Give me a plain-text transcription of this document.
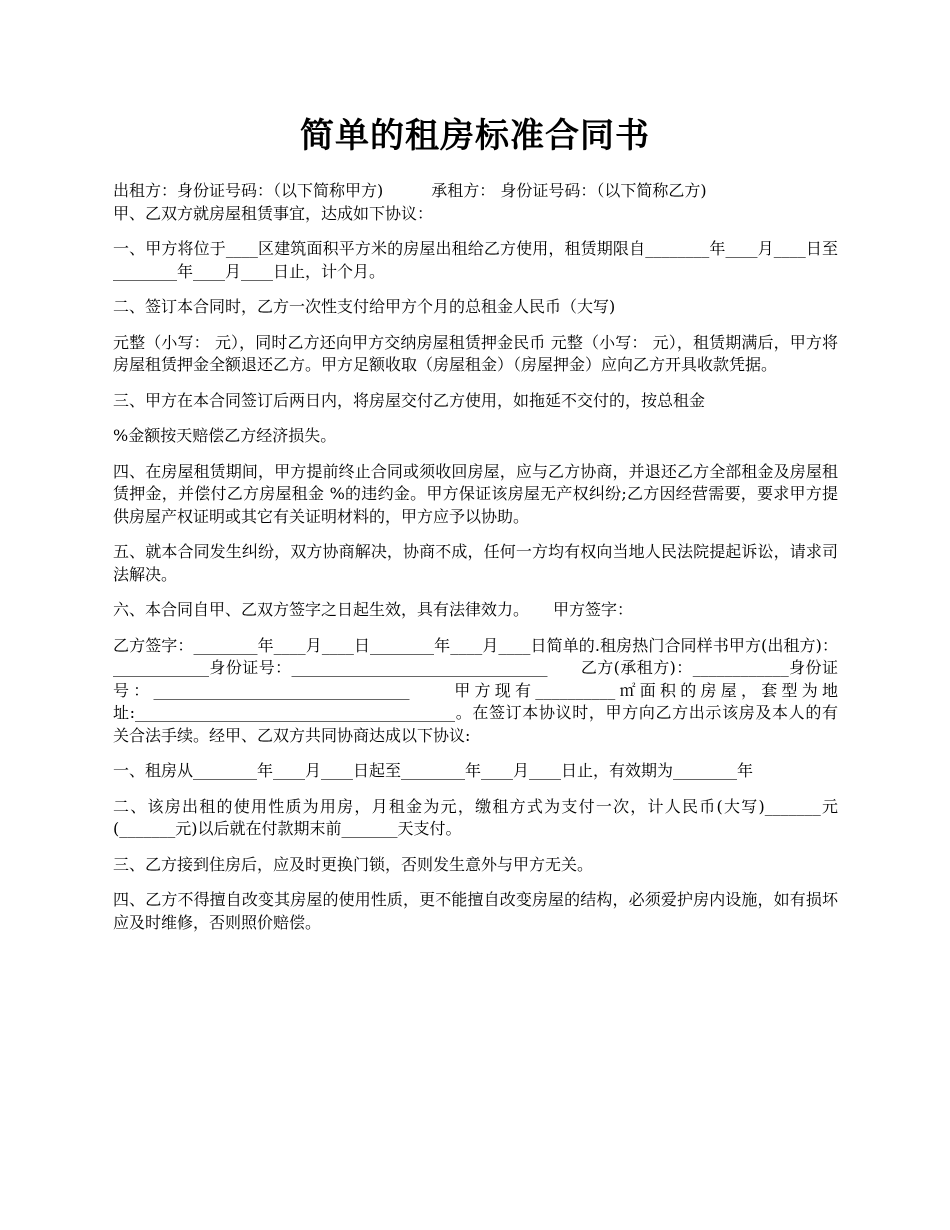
简单的租房标准合同书

出租方：身份证号码：（以下简称甲方)	承租方： 身份证号码：（以下简称乙方)

甲、乙双方就房屋租赁事宜，达成如下协议：

一、甲方将位于____区建筑面积平方米的房屋出租给乙方使用，租赁期限自________年____月____日至________年____月____日止，计个月。

二、签订本合同时，乙方一次性支付给甲方个月的总租金人民币（大写)

元整（小写： 元），同时乙方还向甲方交纳房屋租赁押金民币 元整（小写： 元），租赁期满后，甲方将房屋租赁押金全额退还乙方。甲方足额收取（房屋租金）（房屋押金）应向乙方开具收款凭据。

三、甲方在本合同签订后两日内，将房屋交付乙方使用，如拖延不交付的，按总租金

%金额按天赔偿乙方经济损失。

四、在房屋租赁期间，甲方提前终止合同或须收回房屋，应与乙方协商，并退还乙方全部租金及房屋租赁押金，并偿付乙方房屋租金 %的违约金。甲方保证该房屋无产权纠纷;乙方因经营需要，要求甲方提供房屋产权证明或其它有关证明材料的，甲方应予以协助。

五、就本合同发生纠纷，双方协商解决，协商不成，任何一方均有权向当地人民法院提起诉讼，请求司法解决。

六、本合同自甲、乙双方签字之日起生效，具有法律效力。　　甲方签字：

乙方签字：________年____月____日________年____月____日简单的.租房热门合同样书甲方(出租方)：____________身份证号：________________________________　　乙方(承租方)：____________身份证号：________________________________　　甲方现有__________㎡面积的房屋，套型为地址:________________________________________。在签订本协议时，甲方向乙方出示该房及本人的有关合法手续。经甲、乙双方共同协商达成以下协议:

一、租房从________年____月____日起至________年____月____日止，有效期为________年

二、该房出租的使用性质为用房，月租金为元，缴租方式为支付一次，计人民币(大写)_______元(_______元)以后就在付款期末前_______天支付。

三、乙方接到住房后，应及时更换门锁，否则发生意外与甲方无关。

四、乙方不得擅自改变其房屋的使用性质，更不能擅自改变房屋的结构，必须爱护房内设施，如有损坏应及时维修，否则照价赔偿。
